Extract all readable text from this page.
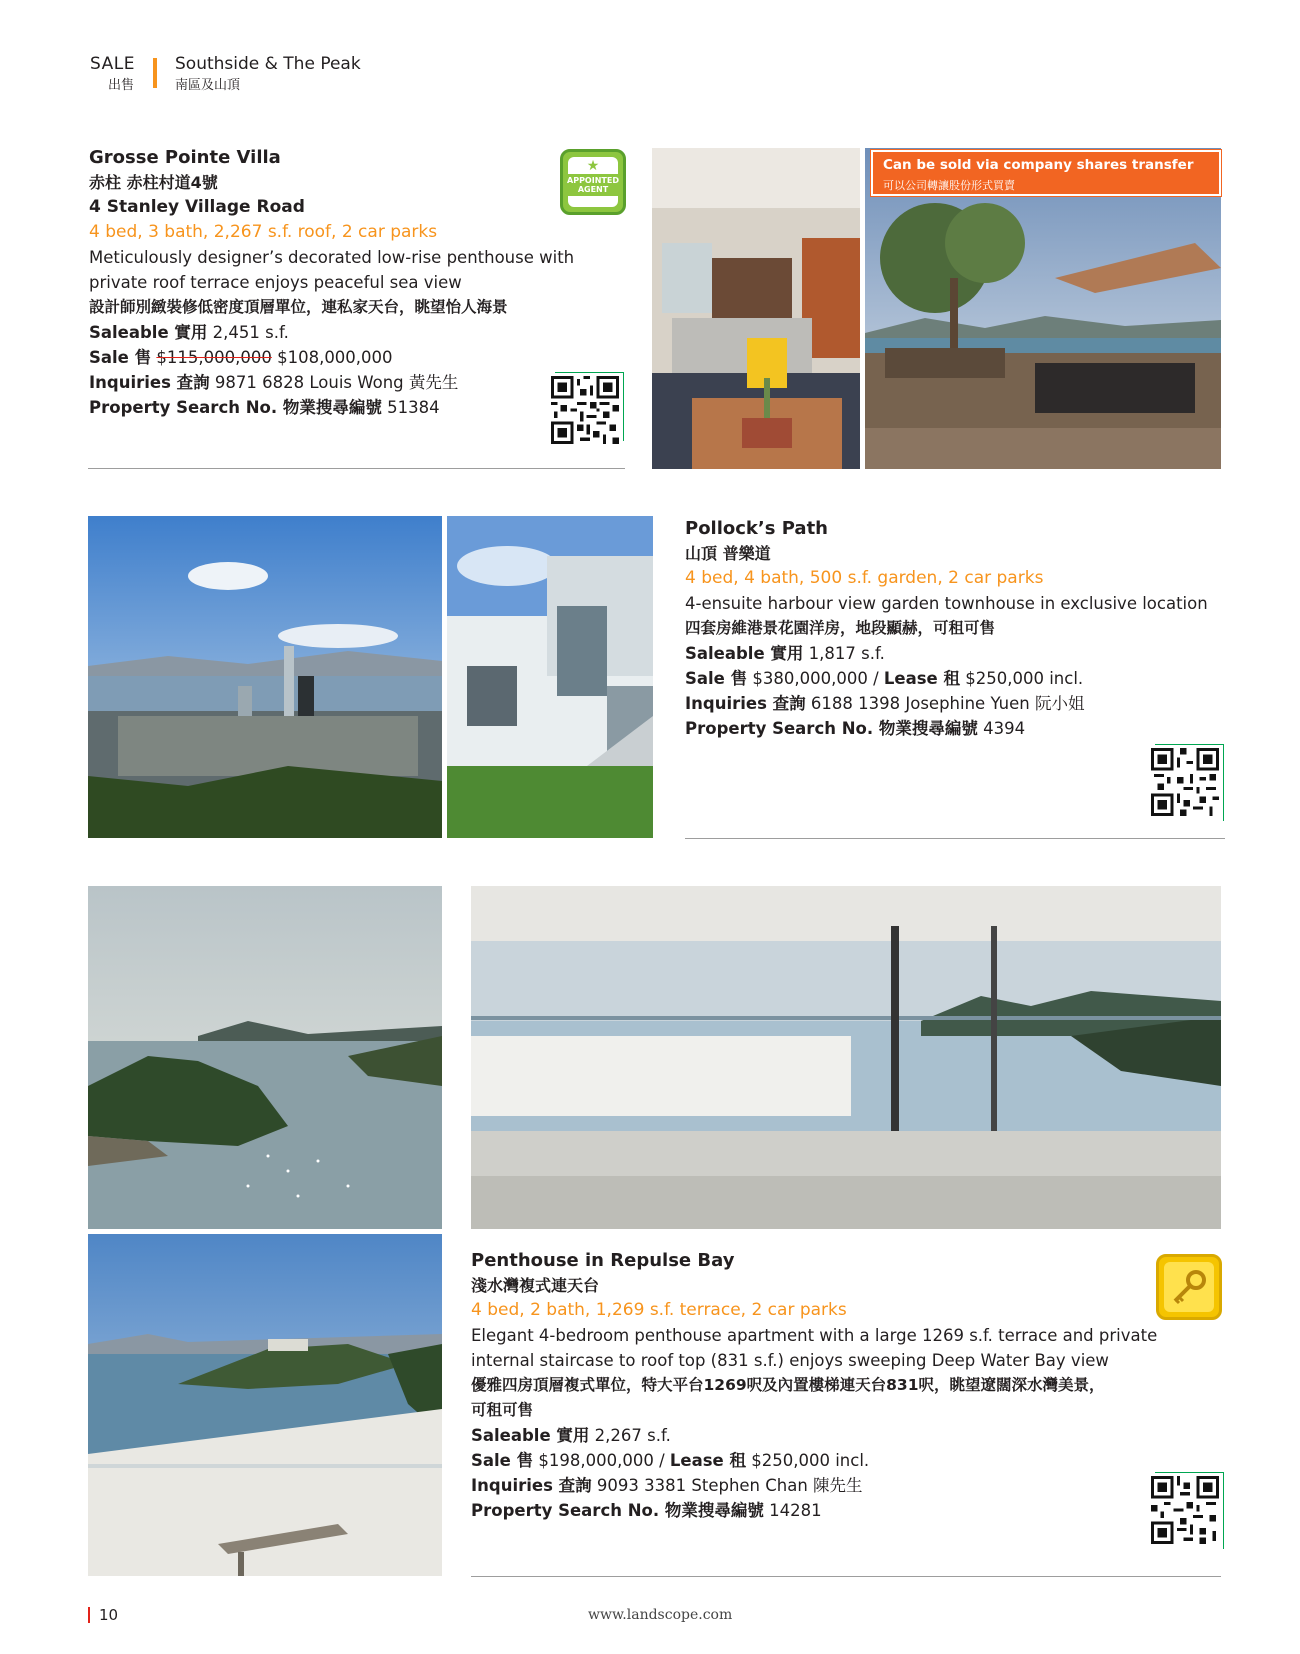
SALE
出售
Southside & The Peak
南區及山頂
Grosse Pointe Villa
赤柱 赤柱村道4號
4 Stanley Village Road
4 bed, 3 bath, 2,267 s.f. roof, 2 car parks
Meticulously designer’s decorated low-rise penthouse with
private roof terrace enjoys peaceful sea view
設計師別緻裝修低密度頂層單位，連私家天台，眺望怡人海景
Saleable 實用 2,451 s.f.
Sale 售 $115,000,000 $108,000,000
Inquiries 查詢 9871 6828 Louis Wong 黃先生
Property Search No. 物業搜尋編號 51384
★
APPOINTED AGENT
Can be sold via company shares transfer
可以公司轉讓股份形式買賣
Pollock’s Path
山頂 普樂道
4 bed, 4 bath, 500 s.f. garden, 2 car parks
4-ensuite harbour view garden townhouse in exclusive location
四套房維港景花園洋房，地段顯赫，可租可售
Saleable 實用 1,817 s.f.
Sale 售 $380,000,000 / Lease 租 $250,000 incl.
Inquiries 查詢 6188 1398 Josephine Yuen 阮小姐
Property Search No. 物業搜尋編號 4394
Penthouse in Repulse Bay
淺水灣複式連天台
4 bed, 2 bath, 1,269 s.f. terrace, 2 car parks
Elegant 4-bedroom penthouse apartment with a large 1269 s.f. terrace and private
internal staircase to roof top (831 s.f.) enjoys sweeping Deep Water Bay view
優雅四房頂層複式單位，特大平台1269呎及內置樓梯連天台831呎，眺望遼闊深水灣美景，
可租可售
Saleable 實用 2,267 s.f.
Sale 售 $198,000,000 / Lease 租 $250,000 incl.
Inquiries 查詢 9093 3381 Stephen Chan 陳先生
Property Search No. 物業搜尋編號 14281
10	www.landscope.com
